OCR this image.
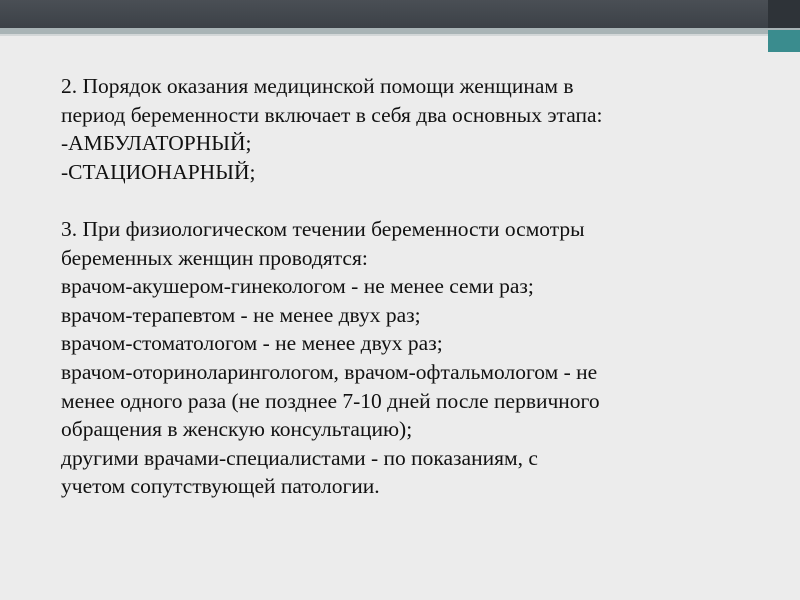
2. Порядок оказания медицинской помощи женщинам в

период беременности включает в себя два основных этапа:

-АМБУЛАТОРНЫЙ;

-СТАЦИОНАРНЫЙ;

3. При физиологическом течении беременности осмотры

беременных женщин проводятся:

врачом-акушером-гинекологом - не менее семи раз;

врачом-терапевтом - не менее двух раз;

врачом-стоматологом - не менее двух раз;

врачом-оториноларингологом, врачом-офтальмологом - не

менее одного раза (не позднее 7-10 дней после первичного

обращения в женскую консультацию);

другими врачами-специалистами - по показаниям, с

учетом сопутствующей патологии.
